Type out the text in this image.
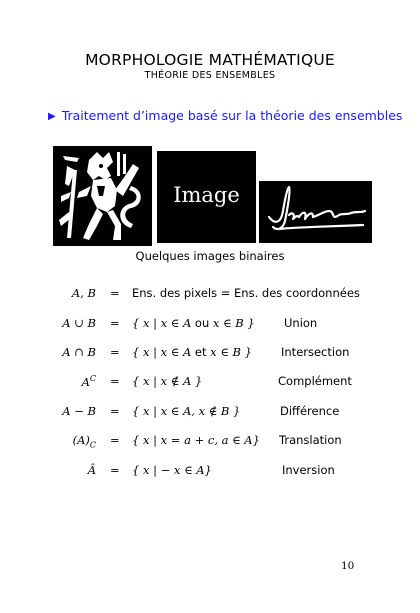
MORPHOLOGIE MATHÉMATIQUE
THÉORIE DES ENSEMBLES
▶ Traitement d’image basé sur la théorie des ensembles
Image
Quelques images binaires
A, B = Ens. des pixels = Ens. des coordonnées
A ∪ B = { x | x ∈ A ou x ∈ B }	Union
A ∩ B = { x | x ∈ A et x ∈ B }	Intersection
$A^C$ = { x | x ∉ A }	Complément
A − B = { x | x ∈ A, x ∉ B }	Différence
$(A)_C$ = { x | x = a + c, a ∈ A} Translation
Â = { x | − x ∈ A}	Inversion
10
